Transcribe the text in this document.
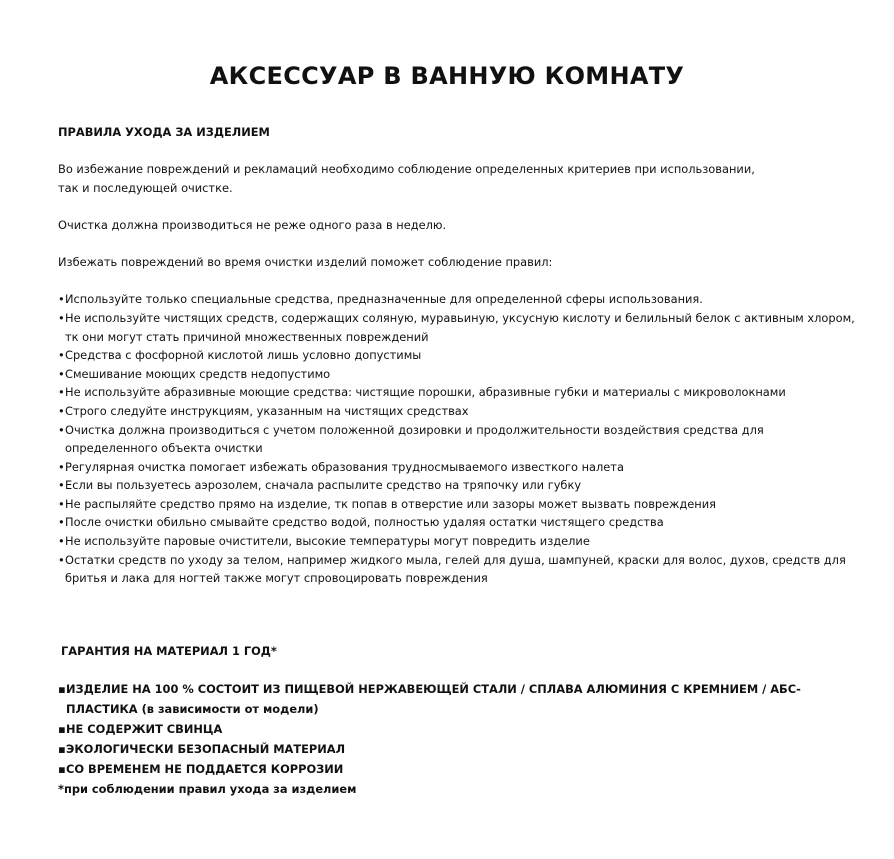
АКСЕССУАР В ВАННУЮ КОМНАТУ

ПРАВИЛА УХОДА ЗА ИЗДЕЛИЕМ

Во избежание повреждений и рекламаций необходимо соблюдение определенных критериев при использовании,

так и последующей очистке.

Очистка должна производиться не реже одного раза в неделю.

Избежать повреждений во время очистки изделий поможет соблюдение правил:

• Используйте только специальные средства, предназначенные для определенной сферы использования.
• Не используйте чистящих средств, содержащих соляную, муравьиную, уксусную кислоту и белильный белок с активным хлором, тк они могут стать причиной множественных повреждений
• Средства с фосфорной кислотой лишь условно допустимы
• Смешивание моющих средств недопустимо
• Не используйте абразивные моющие средства: чистящие порошки, абразивные губки и материалы с микроволокнами
• Строго следуйте инструкциям, указанным на чистящих средствах
• Очистка должна производиться с учетом положенной дозировки и продолжительности воздействия средства для определенного объекта очистки
• Регулярная очистка помогает избежать образования трудносмываемого известкого налета
• Если вы пользуетесь аэрозолем, сначала распылите средство на тряпочку или губку
• Не распыляйте средство прямо на изделие, тк попав в отверстие или зазоры может вызвать повреждения
• После очистки обильно смывайте средство водой, полностью удаляя остатки чистящего средства
• Не используйте паровые очистители, высокие температуры могут повредить изделие
• Остатки средств по уходу за телом, например жидкого мыла, гелей для душа, шампуней, краски для волос, духов, средств для бритья и лака для ногтей также могут спровоцировать повреждения

ГАРАНТИЯ НА МАТЕРИАЛ 1 ГОД*

▪ ИЗДЕЛИЕ НА 100 % СОСТОИТ ИЗ ПИЩЕВОЙ НЕРЖАВЕЮЩЕЙ СТАЛИ / СПЛАВА АЛЮМИНИЯ С КРЕМНИЕМ / АБС-ПЛАСТИКА (в зависимости от модели)
▪ НЕ СОДЕРЖИТ СВИНЦА
▪ ЭКОЛОГИЧЕСКИ БЕЗОПАСНЫЙ МАТЕРИАЛ
▪ СО ВРЕМЕНЕМ НЕ ПОДДАЕТСЯ КОРРОЗИИ

*при соблюдении правил ухода за изделием
